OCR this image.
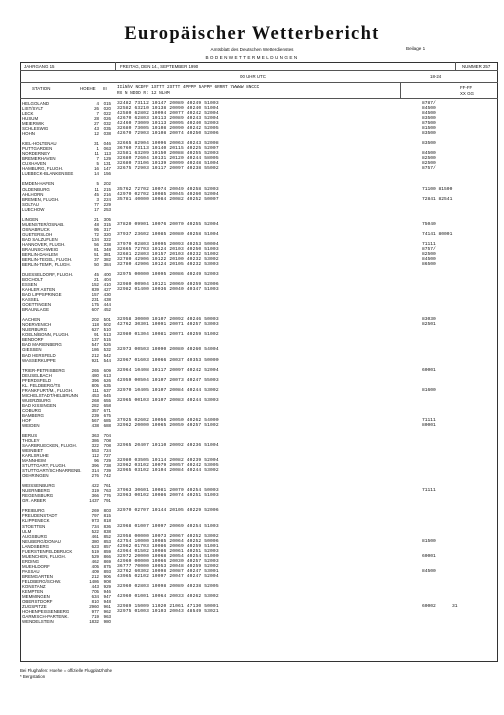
Europäischer Wetterbericht
Amtsblatt des Deutschen Wetterdienstes	Beilage 1
BODENWETTERMELDUNGEN
JAHRGANG 15	FREITAG, DEN 14., SEPTEMBER 1990	NUMMER 257
00 UHR UTC	18-24
STATION	HOEHE III IIiNhV NCDFF 1STTT 2STTT 4PPPP 5APPP 6RRRT 7WWWW 8NCCC
RX N NDDD R: 12 NLHM
FF-FF
XX GG
HELGOLAND	4	015 32482 73112 10147 20089 40249 51003	8787/
LIST/SYLT	26	020 32582 63210 10138 20090 40240 51004	84500
LECK	7	022 42580 62802 10094 20077 40242 52004	84500
HUSUM	28	026 42670 62803 10113 20089 40243 52004	83500
MEIERWIK	27	032 42460 73009 10113 20095 40240 52003	87500
SCHLESWIG	43	035 32680 73005 10108 20090 40242 52005	81500
HOHN	12	038 42670 72903 10108 20074 40250 52006	83500
KIEL-HOLTENAU	31	046 32665 82904 10096 20063 40243 52008	83500
PUTTGARDEN	1	063 36760 73113 10140 20115 40225 52007
NORDERNEY	11	113 32581 63209 10150 20088 40255 52003	84500
BREMERHAVEN	7	129 32680 72604 10131 20120 40244 58005	82500
CUXHAVEN	5	131 32680 73106 10139 20099 40248 51004	82500
HAMBURG, FLUGH.	16	147 32675 72903 10117 20097 40238 55002	8757/
LUEBECK-BLANKENSEE	14	156
EMDEN-HAFEN	5	202
OLDENBURG	11	215 35762 72702 10074 20049 40258 52003	71100 81500
AHLHORN	45	216 42970 02702 10085 20045 40260 52004
BREMEN, FLUGH.	3	224 35781 40000 10084 20082 40252 50007	72841 82541
SOLTAU	77	229
LUECHOW	17	253
LINGEN	21	305
MUENSTER/OSNAB.	48	315 37820 09901 10076 20070 40255 52004	75040
OSNABRUCK	95	317
GUETERSLOH	72	320 37937 23602 10085 20080 40258 51004	74141 80001
BAD SALZUFLEN	134	322
HANNOVER, FLUGH.	56	338 37970 02803 10095 20093 40253 50004	71111
BRAUNSCHWEIG	81	348 32665 72703 10124 20103 40250 51003	8757/
BERLIN-DAHLEM	51	381 32681 22803 10157 20103 40232 51002	82500
BERLIN-TEGEL, FLUGH.	37	382 32780 42906 10122 20100 40232 53002	84500
BERLIN-TEMP., FLUGH.	50	384 32780 42906 10124 20105 40232 53003	86500
DUESSELDORF, FLUGH.	45	400 32975 00000 10095 20086 40249 52003
BOCHOLT	21	404
ESSEN	152	410 32980 00904 10121 20069 40259 52006
KAHLER ASTEN	839	427 32982 01400 10036 20040 40347 51003
BAD LIPPSPRINGE	157	430
KASSEL	231	438
GOETTINGEN	175	444
BRAUNLAGE	607	452
AACHEN	202	501 32958 30000 10107 20092 40246 50003	83030
NOERVENICH	118	502 42762 30301 10091 20071 40257 53003	82501
NUERBURG	627	510
KOELN/BONN, FLUGH.	91	513 32980 01304 10081 20071 40259 51002
BENDORF	137	515
BAD MARIENBERG	547	526
GIESSEN	186	532 32973 00503 10090 20080 40260 54004
BAD HERSFELD	212	542
WASSERKUPPE	921	544 32967 01603 10066 20037 40353 50000
TRIER-PETRISBERG	265	609 32964 10408 10117 20097 40242 52004	60001
DEUSELBACH	480	613
PFERDSFELD	396	626 42959 00504 10107 20073 40247 55003
KL. FELDBERG/TS	805	635
FRANKFURT/M., FLUGH.	111	637 32970 10405 10107 20084 40244 53002	81600
MICHELSTADT/HELBRUNN	453	645
WUERZBURG	268	655 32965 00103 10107 20083 40244 53003
BAD KISSINGEN	282	658
COBURG	357	671
BAMBERG	239	675
HOF	567	685 37925 02602 10056 20050 40262 54000	71111
WEIDEN	438	688 32962 20000 10065 20059 40257 51002	80001
BERUS	363	704
THOLEY	386	708
SAARBRUECKEN, FLUGH.	322	708 32965 20407 10110 20092 40236 51004
WEINBIET	553	724
KARLSRUHE	112	727
MANNHEIM	96	729 32980 03505 10114 20082 40239 52004
STUTTGART, FLUGH.	396	738 32962 03102 10079 20057 40242 53005
STUTTGART/SCHNARRENB.	314	739 32965 03102 10104 20084 40244 53002
OEHRINGEN	276	742
WEISSENBURG	422	761
NUERNBERG	319	763 37963 30601 10081 20070 40254 50003	71111
REGENSBURG	366	776 32963 00102 10086 20074 40251 51003
GR. ARBER	1437	791
FREIBURG	269	803 32970 02707 10144 20105 40229 52006
FREUDENSTADT	797	815
KLIPPENECK	973	818
STOETTEN	734	836 32968 01007 10097 20069 40254 51003
ULM	522	838
AUGSBURG	461	852 32958 00000 10073 20067 40252 53002
NEUBERG/DONAU	380	853 42754 10000 10085 20064 40252 50006	81500
LANDSBERG	623	857 42962 01703 10086 20069 40259 51001
FUERSTENFELDBRUCK	519	859 42964 01502 10086 20061 40251 52003
MUENCHEN, FLUGH.	529	866 32972 20000 10068 20054 40254 51000	60001
ERDING	462	869 42960 00000 10066 20030 40257 52003
MUEHLDORF	405	875 36777 70000 10053 20048 40259 52002
PASSAU	409	893 32762 60302 10098 20087 40247 53001	84500
BREMGARTEN	212	906 43965 02102 10097 20047 40247 52004
FELDBERG/SCHW.	1486	908
KONSTANZ	443	929 32960 02803 10098 20089 40238 52005
KEMPTEN	705	946
MEMMINGEN	634	947 42960 01001 10064 20033 40262 53002
OBERSTDORF	810	948
ZUGSPITZE	2960	961 32989 15009 11020 21061 47130 50001	60002	31
HOHENPEISSENBERG	977	962 32975 01003 10103 20043 48549 53021
GARMISCH-PARTENK.	719	963
WENDELSTEIN	1832	980
Bei Flughafen: Hoehe = offizielle Flugplatzhöhe
* Bergstation
